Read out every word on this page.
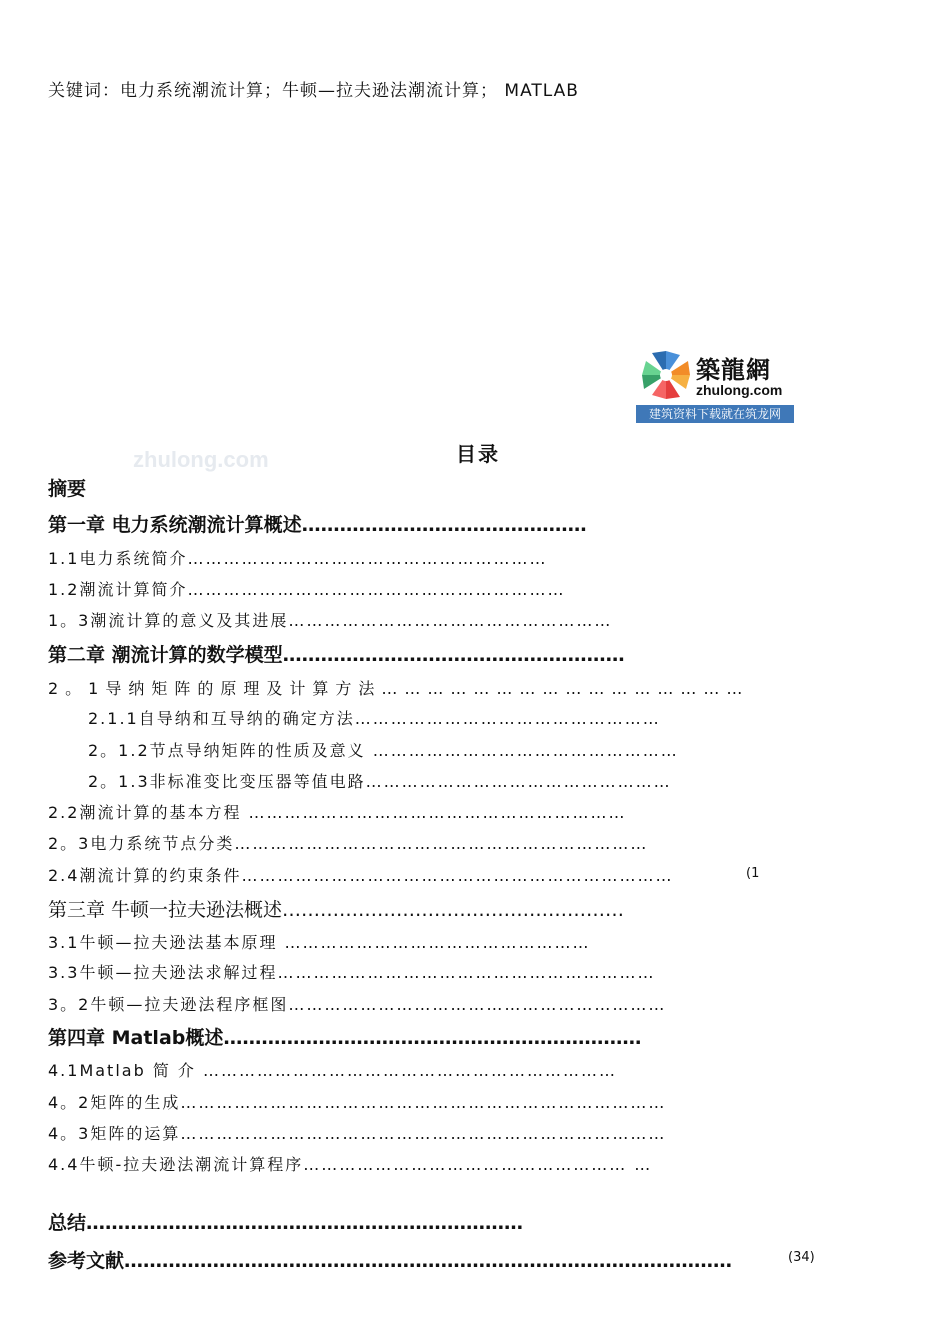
关键词：电力系统潮流计算；牛顿—拉夫逊法潮流计算； MATLAB
築龍網
zhulong.com
建筑资料下载就在筑龙网
zhulong.com	目录
摘要
第一章 电力系统潮流计算概述………………………………………
1.1电力系统简介……………………………………………………
1.2潮流计算简介………………………………………………………
1。3潮流计算的意义及其进展………………………………………………
第二章 潮流计算的数学模型………………………………………………
2。1导纳矩阵的原理及计算方法…………………………………………
2.1.1自导纳和互导纳的确定方法……………………………………………
2。1.2节点导纳矩阵的性质及意义 ……………………………………………
2。1.3非标准变比变压器等值电路……………………………………………
2.2潮流计算的基本方程 ………………………………………………………
2。3电力系统节点分类……………………………………………………………
2.4潮流计算的约束条件………………………………………………………………	(1
第三章 牛顿一拉夫逊法概述………………………………………………
3.1牛顿—拉夫逊法基本原理 ……………………………………………
3.3牛顿—拉夫逊法求解过程………………………………………………………
3。2牛顿—拉夫逊法程序框图………………………………………………………
第四章 Matlab概述…………………………………………………………
4.1Matlab 简 介 ……………………………………………………………
4。2矩阵的生成………………………………………………………………………
4。3矩阵的运算………………………………………………………………………
4.4牛顿-拉夫逊法潮流计算程序……………………………………………… …
总结……………………………………………………………
参考文献……………………………………………………………………………………	(34)
